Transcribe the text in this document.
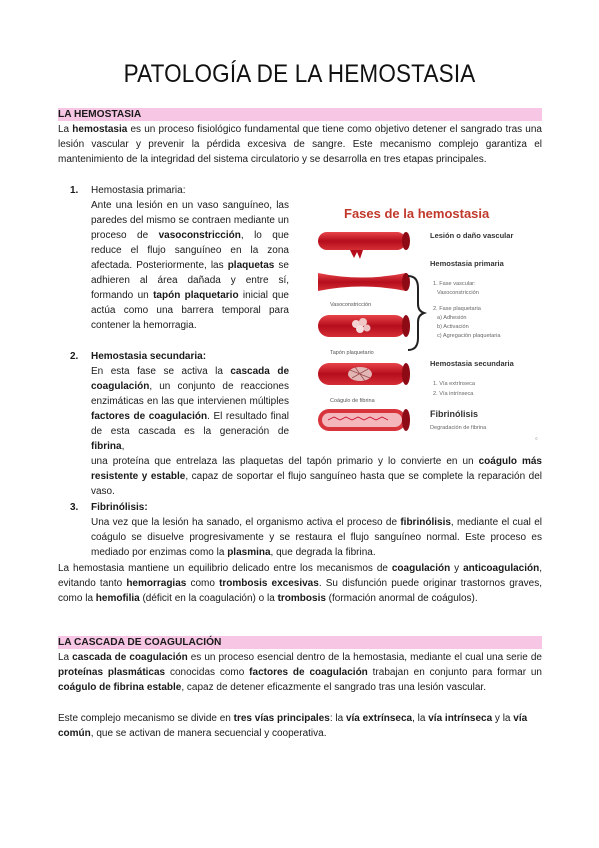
PATOLOGÍA DE LA HEMOSTASIA
LA HEMOSTASIA
La hemostasia es un proceso fisiológico fundamental que tiene como objetivo detener el sangrado tras una lesión vascular y prevenir la pérdida excesiva de sangre. Este mecanismo complejo garantiza el mantenimiento de la integridad del sistema circulatorio y se desarrolla en tres etapas principales.
1. Hemostasia primaria:
Ante una lesión en un vaso sanguíneo, las paredes del mismo se contraen mediante un proceso de vasoconstricción, lo que reduce el flujo sanguíneo en la zona afectada. Posteriormente, las plaquetas se adhieren al área dañada y entre sí, formando un tapón plaquetario inicial que actúa como una barrera temporal para contener la hemorragia.
2. Hemostasia secundaria:
En esta fase se activa la cascada de coagulación, un conjunto de reacciones enzimáticas en las que intervienen múltiples factores de coagulación. El resultado final de esta cascada es la generación de fibrina,
una proteína que entrelaza las plaquetas del tapón primario y lo convierte en un coágulo más resistente y estable, capaz de soportar el flujo sanguíneo hasta que se complete la reparación del vaso.
3. Fibrinólisis:
Una vez que la lesión ha sanado, el organismo activa el proceso de fibrinólisis, mediante el cual el coágulo se disuelve progresivamente y se restaura el flujo sanguíneo normal. Este proceso es mediado por enzimas como la plasmina, que degrada la fibrina.
La hemostasia mantiene un equilibrio delicado entre los mecanismos de coagulación y anticoagulación, evitando tanto hemorragias como trombosis excesivas. Su disfunción puede originar trastornos graves, como la hemofilia (déficit en la coagulación) o la trombosis (formación anormal de coágulos).
LA CASCADA DE COAGULACIÓN
La cascada de coagulación es un proceso esencial dentro de la hemostasia, mediante el cual una serie de proteínas plasmáticas conocidas como factores de coagulación trabajan en conjunto para formar un coágulo de fibrina estable, capaz de detener eficazmente el sangrado tras una lesión vascular.
Este complejo mecanismo se divide en tres vías principales: la vía extrínseca, la vía intrínseca y la vía común, que se activan de manera secuencial y cooperativa.
Fases de la hemostasia
Vasoconstricción
Tapón plaquetario
Coágulo de fibrina
Lesión o daño vascular
Hemostasia primaria
1. Fase vascular:
Vasoconstricción
2. Fase plaquetaria
a) Adhesión
b) Activación
c) Agregación plaquetaria
Hemostasia secundaria
1. Vía extrínseca
2. Vía intrínseca
Fibrinólisis
Degradación de fibrina
©
